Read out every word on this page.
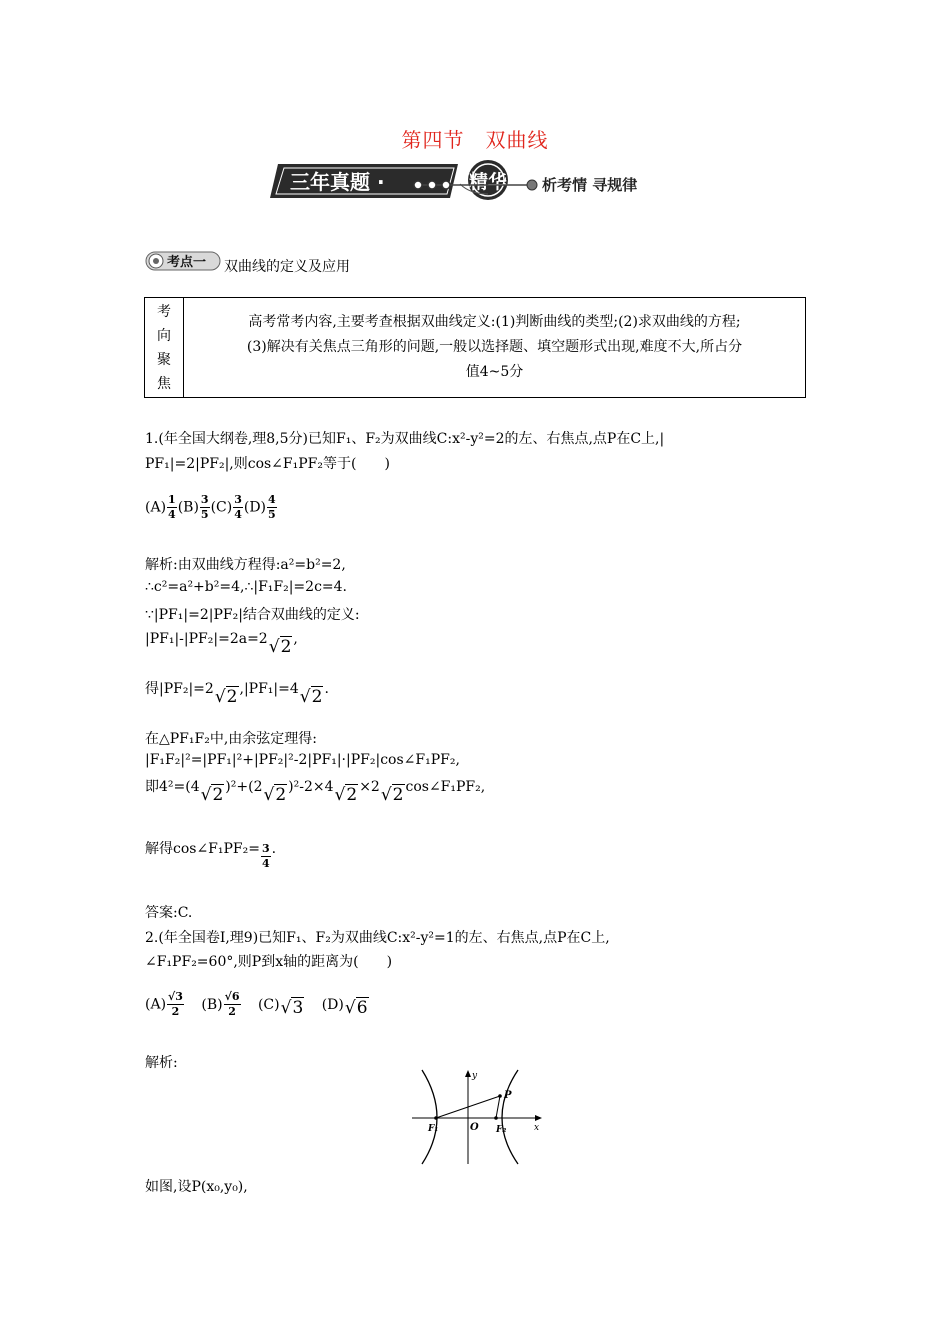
第四节　双曲线
三年真题 ·	精华 析考情 寻规律
考点一 双曲线的定义及应用
考
向
聚
焦

高考常考内容,主要考查根据双曲线定义:(1)判断曲线的类型;(2)求双曲线的方程;
(3)解决有关焦点三角形的问题,一般以选择题、填空题形式出现,难度不大,所占分
值4~5分
1.(年全国大纲卷,理8,5分)已知F₁、F₂为双曲线C:x²-y²=2的左、右焦点,点P在C上,|
PF₁|=2|PF₂|,则cos∠F₁PF₂等于(　　)
$(A) \frac{1}{4} (B) \frac{3}{5} (C) \frac{3}{4} (D) \frac{4}{5}$
解析:由双曲线方程得:a²=b²=2,
∴c²=a²+b²=4,∴|F₁F₂|=2c=4.
∵|PF₁|=2|PF₂|结合双曲线的定义:
|PF₁|-|PF₂|=2a=2√2 ,
得|PF₂|=2√2 ,|PF₁|=4√2 .
在△PF₁F₂中,由余弦定理得:
|F₁F₂|²=|PF₁|²+|PF₂|²-2|PF₁|·|PF₂|cos∠F₁PF₂,
即4²=(4√2 )²+(2√2 )²-2×4√2 ×2√2 cos∠F₁PF₂,
解得cos∠F₁PF₂= $\frac{3}{4}$ .
答案:C.
2.(年全国卷Ⅰ,理9)已知F₁、F₂为双曲线C:x²-y²=1的左、右焦点,点P在C上,
∠F₁PF₂=60°,则P到x轴的距离为(　　)
$(A) \frac{√3}{2} (B) \frac{√6}{2} (C)√3$ (D)√6
解析:
y
x
P
O
F₁	F₂
如图,设P(x₀,y₀),
